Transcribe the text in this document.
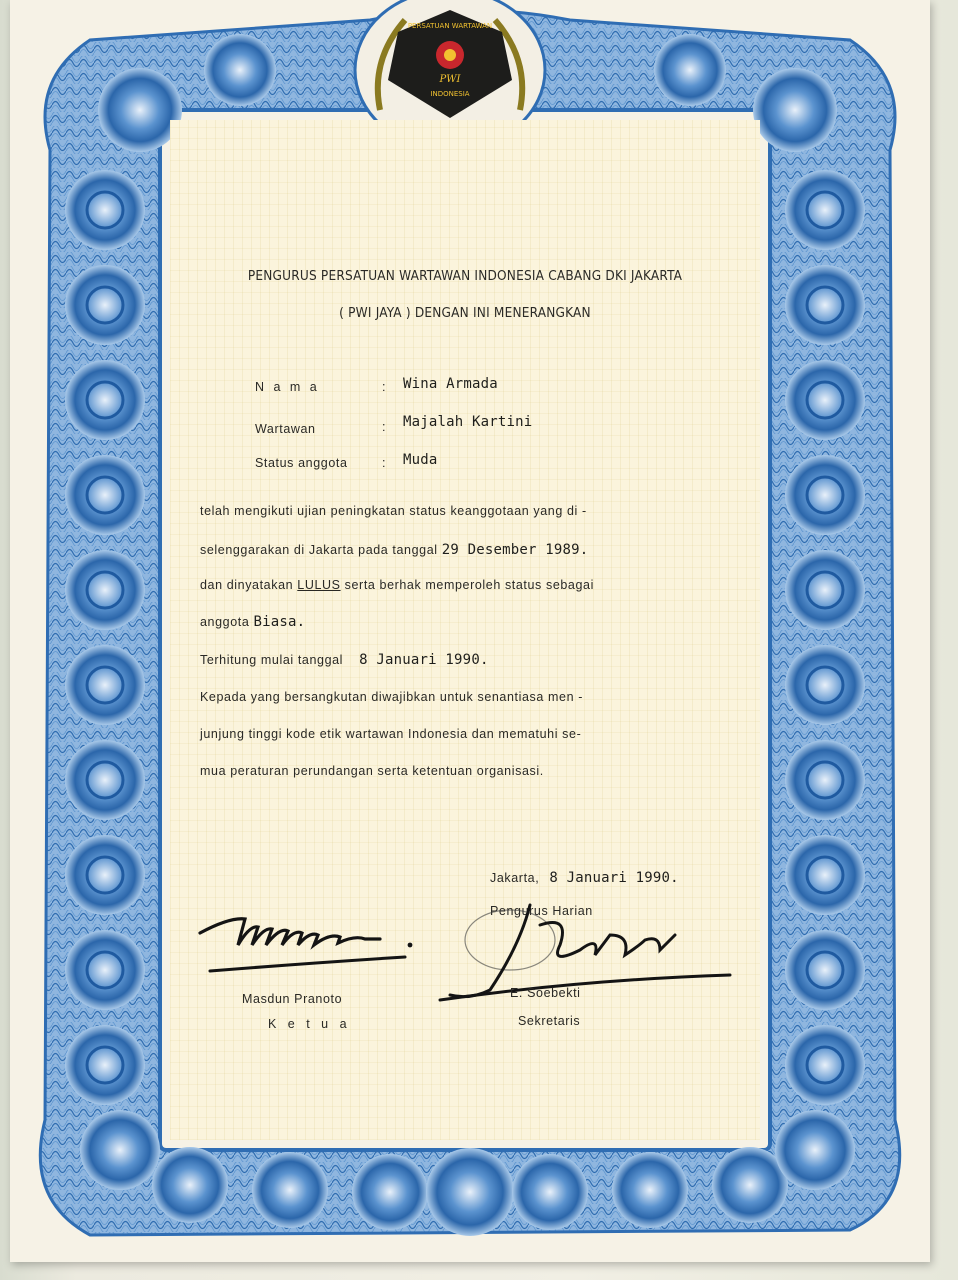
PERSATUAN WARTAWAN
PWI
INDONESIA
PENGURUS PERSATUAN WARTAWAN INDONESIA CABANG DKI JAKARTA
( PWI JAYA ) DENGAN INI MENERANGKAN
N a m a	: Wina Armada
Wartawan	: Majalah Kartini
Status anggota	: Muda
telah mengikuti ujian peningkatan status keanggotaan yang di -
selenggarakan di Jakarta pada tanggal 29 Desember 1989.
dan dinyatakan LULUS serta berhak memperoleh status sebagai
anggota Biasa.
Terhitung mulai tanggal 8 Januari 1990.
Kepada yang bersangkutan diwajibkan untuk senantiasa men -
junjung tinggi kode etik wartawan Indonesia dan mematuhi se-
mua peraturan perundangan serta ketentuan organisasi.
Jakarta, 8 Januari 1990.
Pengurus Harian
Masdun Pranoto
K e t u a
E. Soebekti
Sekretaris
